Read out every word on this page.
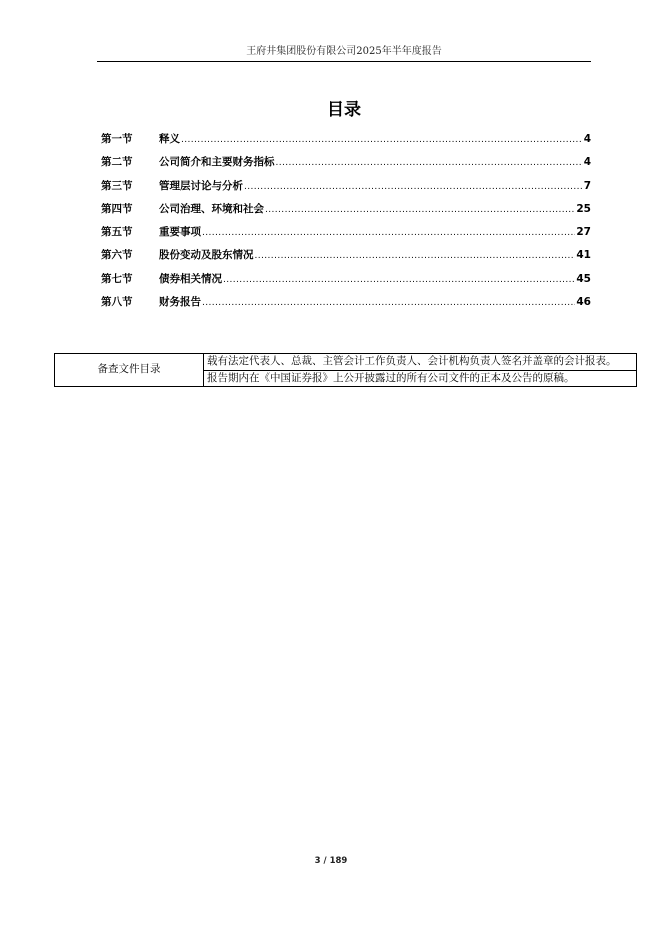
王府井集团股份有限公司2025年半年度报告
目录
第一节	释义 .....	4
第二节	公司简介和主要财务指标 .....	4
第三节	管理层讨论与分析 .....	7
第四节	公司治理、环境和社会 .....	25
第五节	重要事项 .....	27
第六节	股份变动及股东情况 .....	41
第七节	债券相关情况 .....	45
第八节	财务报告 .....	46
备查文件目录	载有法定代表人、总裁、主管会计工作负责人、会计机构负责人签名并盖章的会计报表。
报告期内在《中国证券报》上公开披露过的所有公司文件的正本及公告的原稿。
3 / 189
